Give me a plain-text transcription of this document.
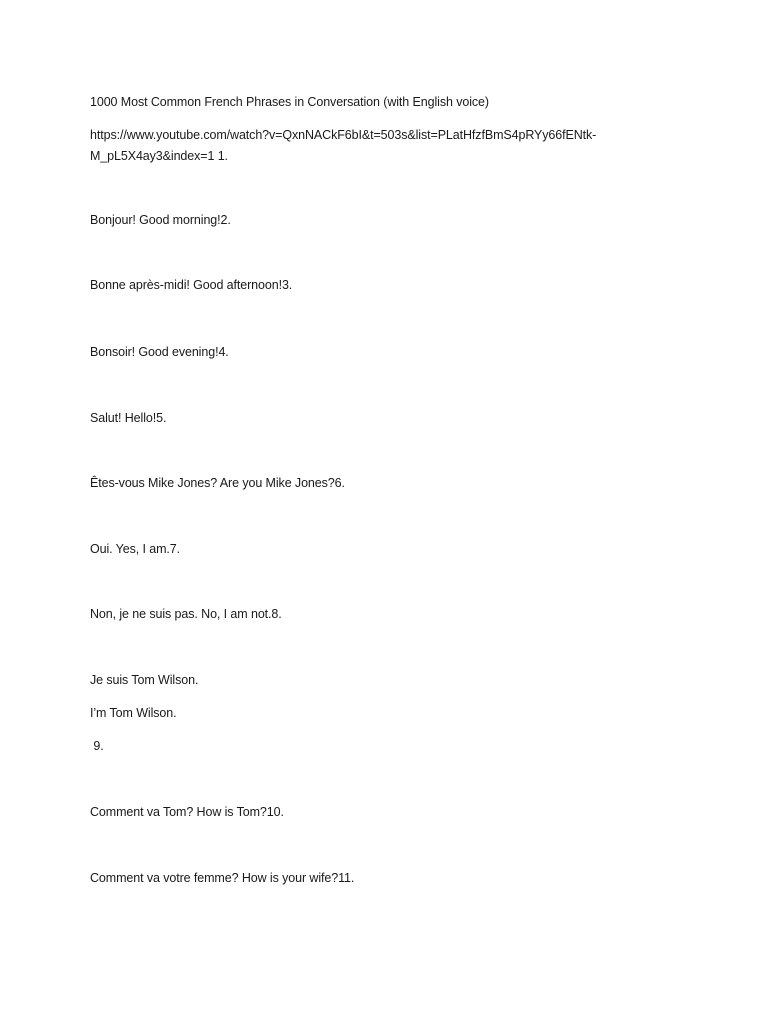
1000 Most Common French Phrases in Conversation (with English voice)
https://www.youtube.com/watch?v=QxnNACkF6bI&t=503s&list=PLatHfzfBmS4pRYy66fENtk-
M_pL5X4ay3&index=1 1.
Bonjour! Good morning!2.
Bonne après-midi! Good afternoon!3.
Bonsoir! Good evening!4.
Salut! Hello!5.
Êtes-vous Mike Jones? Are you Mike Jones?6.
Oui. Yes, I am.7.
Non, je ne suis pas. No, I am not.8.
Je suis Tom Wilson.
I’m Tom Wilson.
9.
Comment va Tom? How is Tom?10.
Comment va votre femme? How is your wife?11.
